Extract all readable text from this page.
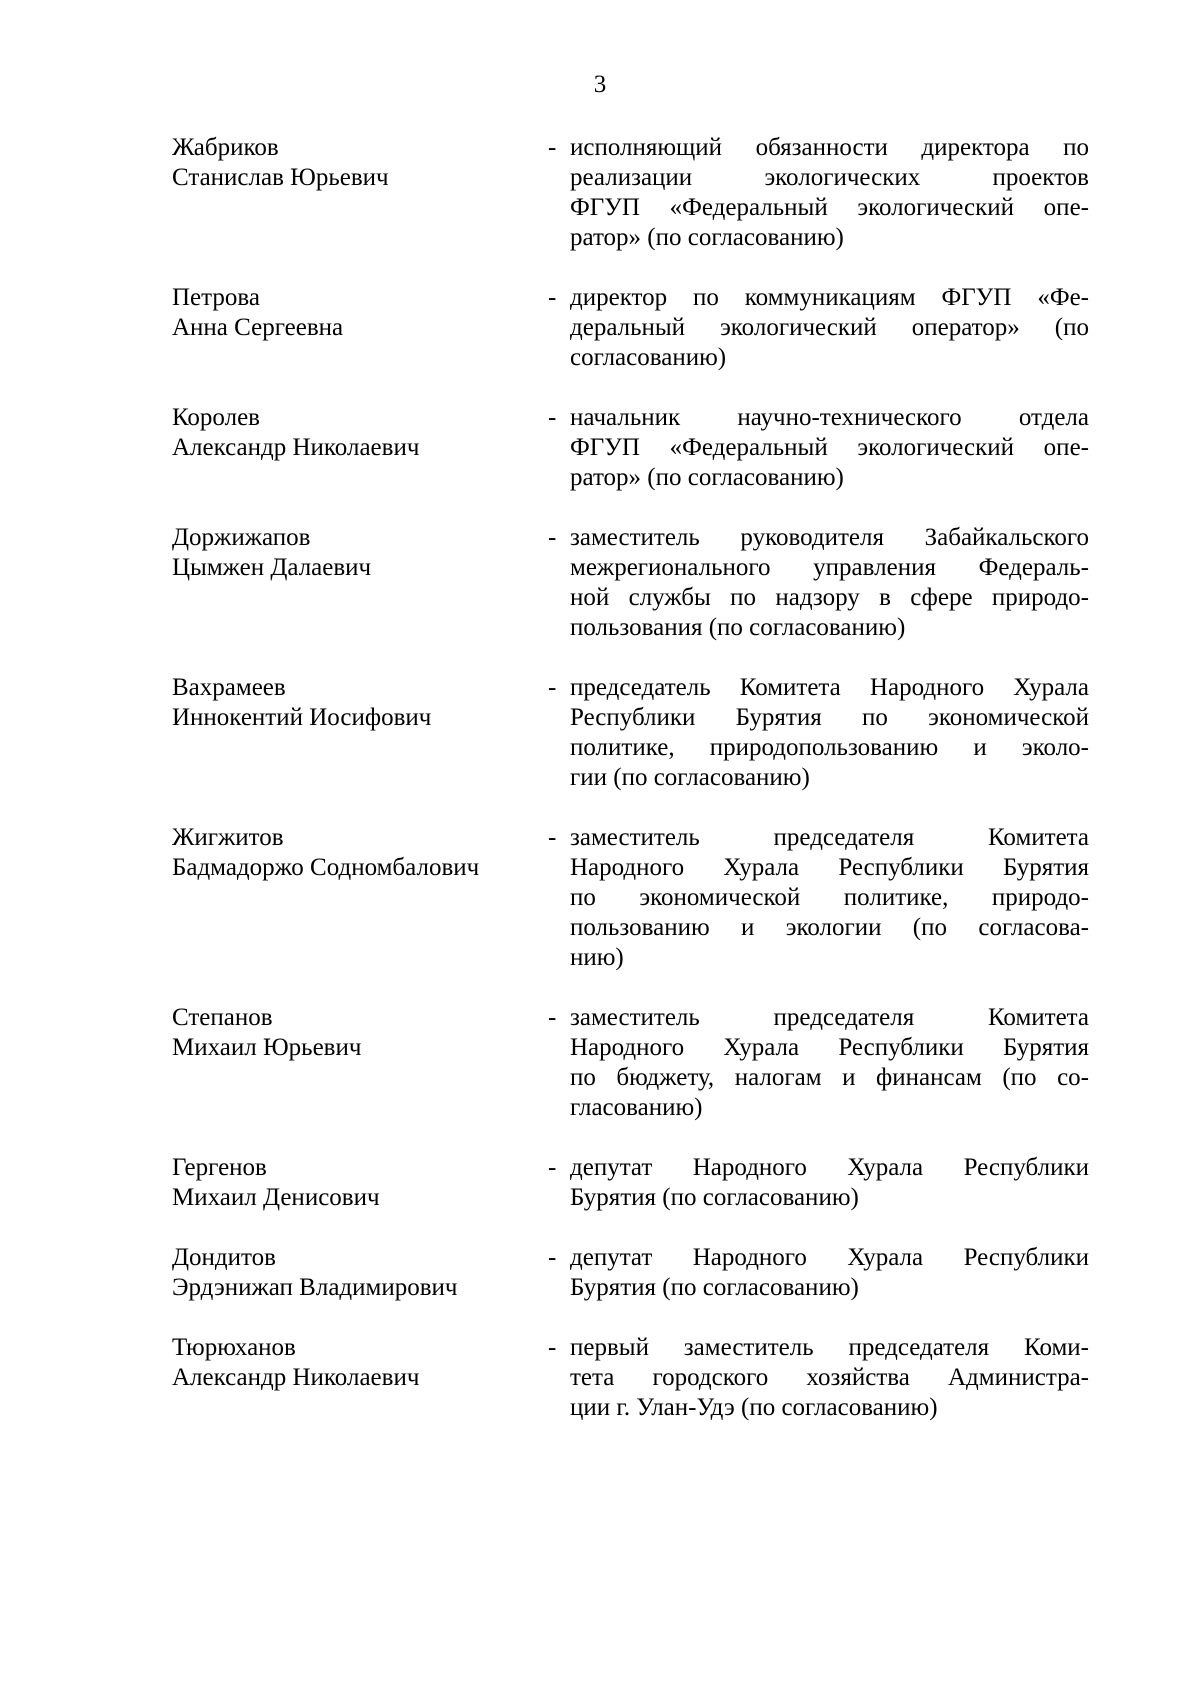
3
Жабриков
Станислав Юрьевич
- исполняющий обязанности директора по
реализации экологических проектов
ФГУП «Федеральный экологический опе-
ратор» (по согласованию)
Петрова
Анна Сергеевна
- директор по коммуникациям ФГУП «Фе-
деральный экологический оператор» (по
согласованию)
Королев
Александр Николаевич
- начальник научно-технического отдела
ФГУП «Федеральный экологический опе-
ратор» (по согласованию)
Доржижапов
Цымжен Далаевич
- заместитель руководителя Забайкальского
межрегионального управления Федераль-
ной службы по надзору в сфере природо-
пользования (по согласованию)
Вахрамеев
Иннокентий Иосифович
- председатель Комитета Народного Хурала
Республики Бурятия по экономической
политике, природопользованию и эколо-
гии (по согласованию)
Жигжитов
Бадмадоржо Содномбалович
- заместитель председателя Комитета
Народного Хурала Республики Бурятия
по экономической политике, природо-
пользованию и экологии (по согласова-
нию)
Степанов
Михаил Юрьевич
- заместитель председателя Комитета
Народного Хурала Республики Бурятия
по бюджету, налогам и финансам (по со-
гласованию)
Гергенов
Михаил Денисович
- депутат Народного Хурала Республики
Бурятия (по согласованию)
Дондитов
Эрдэнижап Владимирович
- депутат Народного Хурала Республики
Бурятия (по согласованию)
Тюрюханов
Александр Николаевич
- первый заместитель председателя Коми-
тета городского хозяйства Администра-
ции г. Улан-Удэ (по согласованию)
